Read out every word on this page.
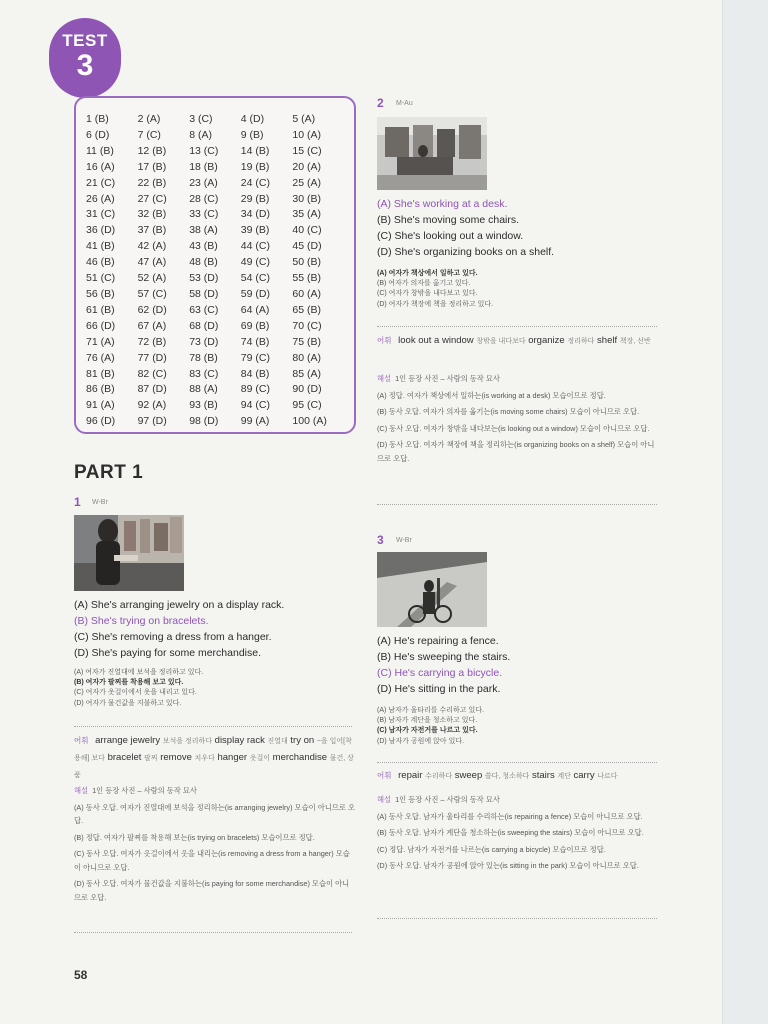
TEST
3
1 (B)	2 (A)	3 (C)	4 (D)	5 (A)
6 (D)	7 (C)	8 (A)	9 (B)	10 (A)
11 (B)	12 (B)	13 (C)	14 (B)	15 (C)
16 (A)	17 (B)	18 (B)	19 (B)	20 (A)
21 (C)	22 (B)	23 (A)	24 (C)	25 (A)
26 (A)	27 (C)	28 (C)	29 (B)	30 (B)
31 (C)	32 (B)	33 (C)	34 (D)	35 (A)
36 (D)	37 (B)	38 (A)	39 (B)	40 (C)
41 (B)	42 (A)	43 (B)	44 (C)	45 (D)
46 (B)	47 (A)	48 (B)	49 (C)	50 (B)
51 (C)	52 (A)	53 (D)	54 (C)	55 (B)
56 (B)	57 (C)	58 (D)	59 (D)	60 (A)
61 (B)	62 (D)	63 (C)	64 (A)	65 (B)
66 (D)	67 (A)	68 (D)	69 (B)	70 (C)
71 (A)	72 (B)	73 (D)	74 (B)	75 (B)
76 (A)	77 (D)	78 (B)	79 (C)	80 (A)
81 (B)	82 (C)	83 (C)	84 (B)	85 (A)
86 (B)	87 (D)	88 (A)	89 (C)	90 (D)
91 (A)	92 (A)	93 (B)	94 (C)	95 (C)
96 (D)	97 (D)	98 (D)	99 (A)	100 (A)
PART 1
1 W-Br
(A) She's arranging jewelry on a display rack.
(B) She's trying on bracelets.
(C) She's removing a dress from a hanger.
(D) She's paying for some merchandise.
(A) 여자가 진열대에 보석을 정리하고 있다.
(B) 여자가 팔찌를 착용해 보고 있다.
(C) 여자가 옷걸이에서 옷을 내리고 있다.
(D) 여자가 물건값을 지불하고 있다.
어휘 arrange jewelry 보석을 정리하다 display rack 진열대 try on ~을 입어[착용해] 보다 bracelet 팔찌 remove 치우다 hanger 옷걸이 merchandise 물건, 상품

해설 1인 등장 사진 – 사람의 동작 묘사

(A) 동사 오답. 여자가 진열대에 보석을 정리하는(is arranging jewelry) 모습이 아니므로 오답.

(B) 정답. 여자가 팔찌를 착용해 보는(is trying on bracelets) 모습이므로 정답.

(C) 동사 오답. 여자가 옷걸이에서 옷을 내리는(is removing a dress from a hanger) 모습이 아니므로 오답.

(D) 동사 오답. 여자가 물건값을 지불하는(is paying for some merchandise) 모습이 아니므로 오답.

2 M-Au
(A) She's working at a desk.
(B) She's moving some chairs.
(C) She's looking out a window.
(D) She's organizing books on a shelf.
(A) 여자가 책상에서 일하고 있다.
(B) 여자가 의자를 옮기고 있다.
(C) 여자가 창밖을 내다보고 있다.
(D) 여자가 책장에 책을 정리하고 있다.
어휘 look out a window 창밖을 내다보다 organize 정리하다 shelf 책장, 선반

해설 1인 등장 사진 – 사람의 동작 묘사

(A) 정답. 여자가 책상에서 일하는(is working at a desk) 모습이므로 정답.

(B) 동사 오답. 여자가 의자를 옮기는(is moving some chairs) 모습이 아니므로 오답.

(C) 동사 오답. 여자가 창밖을 내다보는(is looking out a window) 모습이 아니므로 오답.

(D) 동사 오답. 여자가 책장에 책을 정리하는(is organizing books on a shelf) 모습이 아니므로 오답.

3 W-Br
(A) He's repairing a fence.
(B) He's sweeping the stairs.
(C) He's carrying a bicycle.
(D) He's sitting in the park.
(A) 남자가 울타리를 수리하고 있다.
(B) 남자가 계단을 청소하고 있다.
(C) 남자가 자전거를 나르고 있다.
(D) 남자가 공원에 앉아 있다.
어휘 repair 수리하다 sweep 쓸다, 청소하다 stairs 계단 carry 나르다

해설 1인 등장 사진 – 사람의 동작 묘사

(A) 동사 오답. 남자가 울타리를 수리하는(is repairing a fence) 모습이 아니므로 오답.

(B) 동사 오답. 남자가 계단을 청소하는(is sweeping the stairs) 모습이 아니므로 오답.

(C) 정답. 남자가 자전거를 나르는(is carrying a bicycle) 모습이므로 정답.

(D) 동사 오답. 남자가 공원에 앉아 있는(is sitting in the park) 모습이 아니므로 오답.

58
